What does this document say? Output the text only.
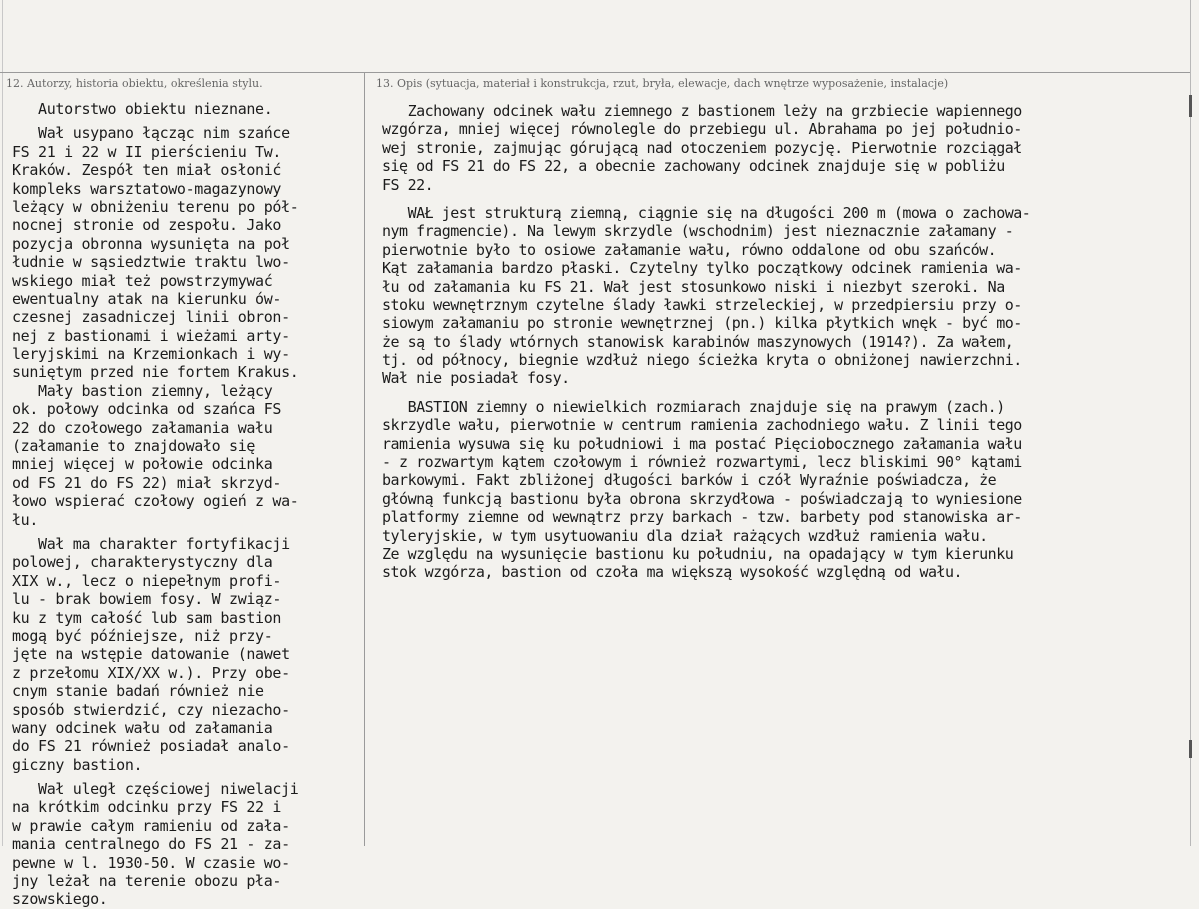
12. Autorzy, historia obiektu, określenia stylu.	13. Opis (sytuacja, materiał i konstrukcja, rzut, bryła, elewacje, dach wnętrze wyposażenie, instalacje)
Autorstwo obiektu nieznane.
Wał usypano łącząc nim szańce
FS 21 i 22 w II pierścieniu Tw.
Kraków. Zespół ten miał osłonić
kompleks warsztatowo-magazynowy
leżący w obniżeniu terenu po pół-
nocnej stronie od zespołu. Jako
pozycja obronna wysunięta na poł
łudnie w sąsiedztwie traktu lwo-
wskiego miał też powstrzymywać
ewentualny atak na kierunku ów-
czesnej zasadniczej linii obron-
nej z bastionami i wieżami arty-
leryjskimi na Krzemionkach i wy-
suniętym przed nie fortem Krakus.
Mały bastion ziemny, leżący
ok. połowy odcinka od szańca FS
22 do czołowego załamania wału
(załamanie to znajdowało się
mniej więcej w połowie odcinka
od FS 21 do FS 22) miał skrzyd-
łowo wspierać czołowy ogień z wa-
łu.
Wał ma charakter fortyfikacji
polowej, charakterystyczny dla
XIX w., lecz o niepełnym profi-
lu - brak bowiem fosy. W związ-
ku z tym całość lub sam bastion
mogą być późniejsze, niż przy-
jęte na wstępie datowanie (nawet
z przełomu XIX/XX w.). Przy obe-
cnym stanie badań również nie
sposób stwierdzić, czy niezacho-
wany odcinek wału od załamania
do FS 21 również posiadał analo-
giczny bastion.
Wał uległ częściowej niwelacji
na krótkim odcinku przy FS 22 i
w prawie całym ramieniu od zała-
mania centralnego do FS 21 - za-
pewne w l. 1930-50. W czasie wo-
jny leżał na terenie obozu pła-
szowskiego.
Zachowany odcinek wału ziemnego z bastionem leży na grzbiecie wapiennego
wzgórza, mniej więcej równolegle do przebiegu ul. Abrahama po jej południo-
wej stronie, zajmując górującą nad otoczeniem pozycję. Pierwotnie rozciągał
się od FS 21 do FS 22, a obecnie zachowany odcinek znajduje się w pobliżu
FS 22.
WAŁ jest strukturą ziemną, ciągnie się na długości 200 m (mowa o zachowa-
nym fragmencie). Na lewym skrzydle (wschodnim) jest nieznacznie załamany -
pierwotnie było to osiowe załamanie wału, równo oddalone od obu szańców.
Kąt załamania bardzo płaski. Czytelny tylko początkowy odcinek ramienia wa-
łu od załamania ku FS 21. Wał jest stosunkowo niski i niezbyt szeroki. Na
stoku wewnętrznym czytelne ślady ławki strzeleckiej, w przedpiersiu przy o-
siowym załamaniu po stronie wewnętrznej (pn.) kilka płytkich wnęk - być mo-
że są to ślady wtórnych stanowisk karabinów maszynowych (1914?). Za wałem,
tj. od północy, biegnie wzdłuż niego ścieżka kryta o obniżonej nawierzchni.
Wał nie posiadał fosy.
BASTION ziemny o niewielkich rozmiarach znajduje się na prawym (zach.)
skrzydle wału, pierwotnie w centrum ramienia zachodniego wału. Z linii tego
ramienia wysuwa się ku południowi i ma postać Pięciobocznego załamania wału
- z rozwartym kątem czołowym i również rozwartymi, lecz bliskimi 90° kątami
barkowymi. Fakt zbliżonej długości barków i czół Wyraźnie poświadcza, że
główną funkcją bastionu była obrona skrzydłowa - poświadczają to wyniesione
platformy ziemne od wewnątrz przy barkach - tzw. barbety pod stanowiska ar-
tyleryjskie, w tym usytuowaniu dla dział rażących wzdłuż ramienia wału.
Ze względu na wysunięcie bastionu ku południu, na opadający w tym kierunku
stok wzgórza, bastion od czoła ma większą wysokość względną od wału.
